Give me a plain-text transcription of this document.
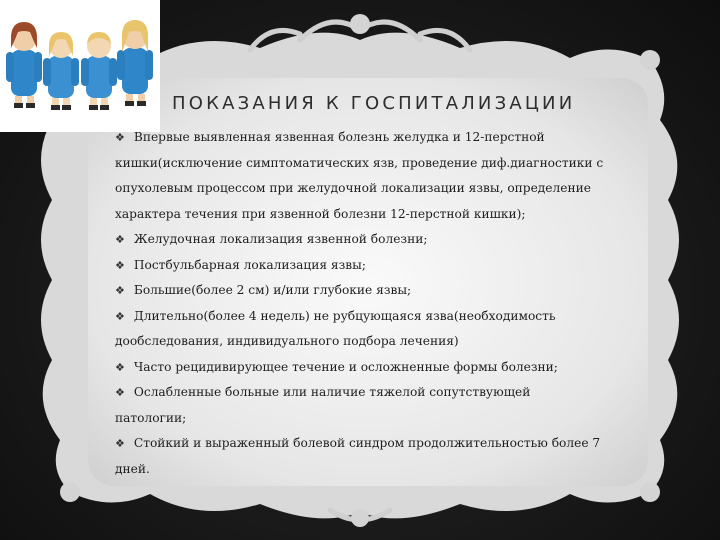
ПОКАЗАНИЯ К ГОСПИТАЛИЗАЦИИ
❖ Впервые выявленная язвенная болезнь желудка и 12-перстной
кишки(исключение симптоматических язв, проведение диф.диагностики с
опухолевым процессом при желудочной локализации язвы, определение
характера течения при язвенной болезни 12-перстной кишки);
❖ Желудочная локализация язвенной болезни;
❖ Постбульбарная локализация язвы;
❖ Большие(более 2 см) и/или глубокие язвы;
❖ Длительно(более 4 недель) не рубцующаяся язва(необходимость
дообследования, индивидуального подбора лечения)
❖ Часто рецидивирующее течение и осложненные формы болезни;
❖ Ослабленные больные или наличие тяжелой сопутствующей
патологии;
❖ Стойкий и выраженный болевой синдром продолжительностью более 7
дней.
